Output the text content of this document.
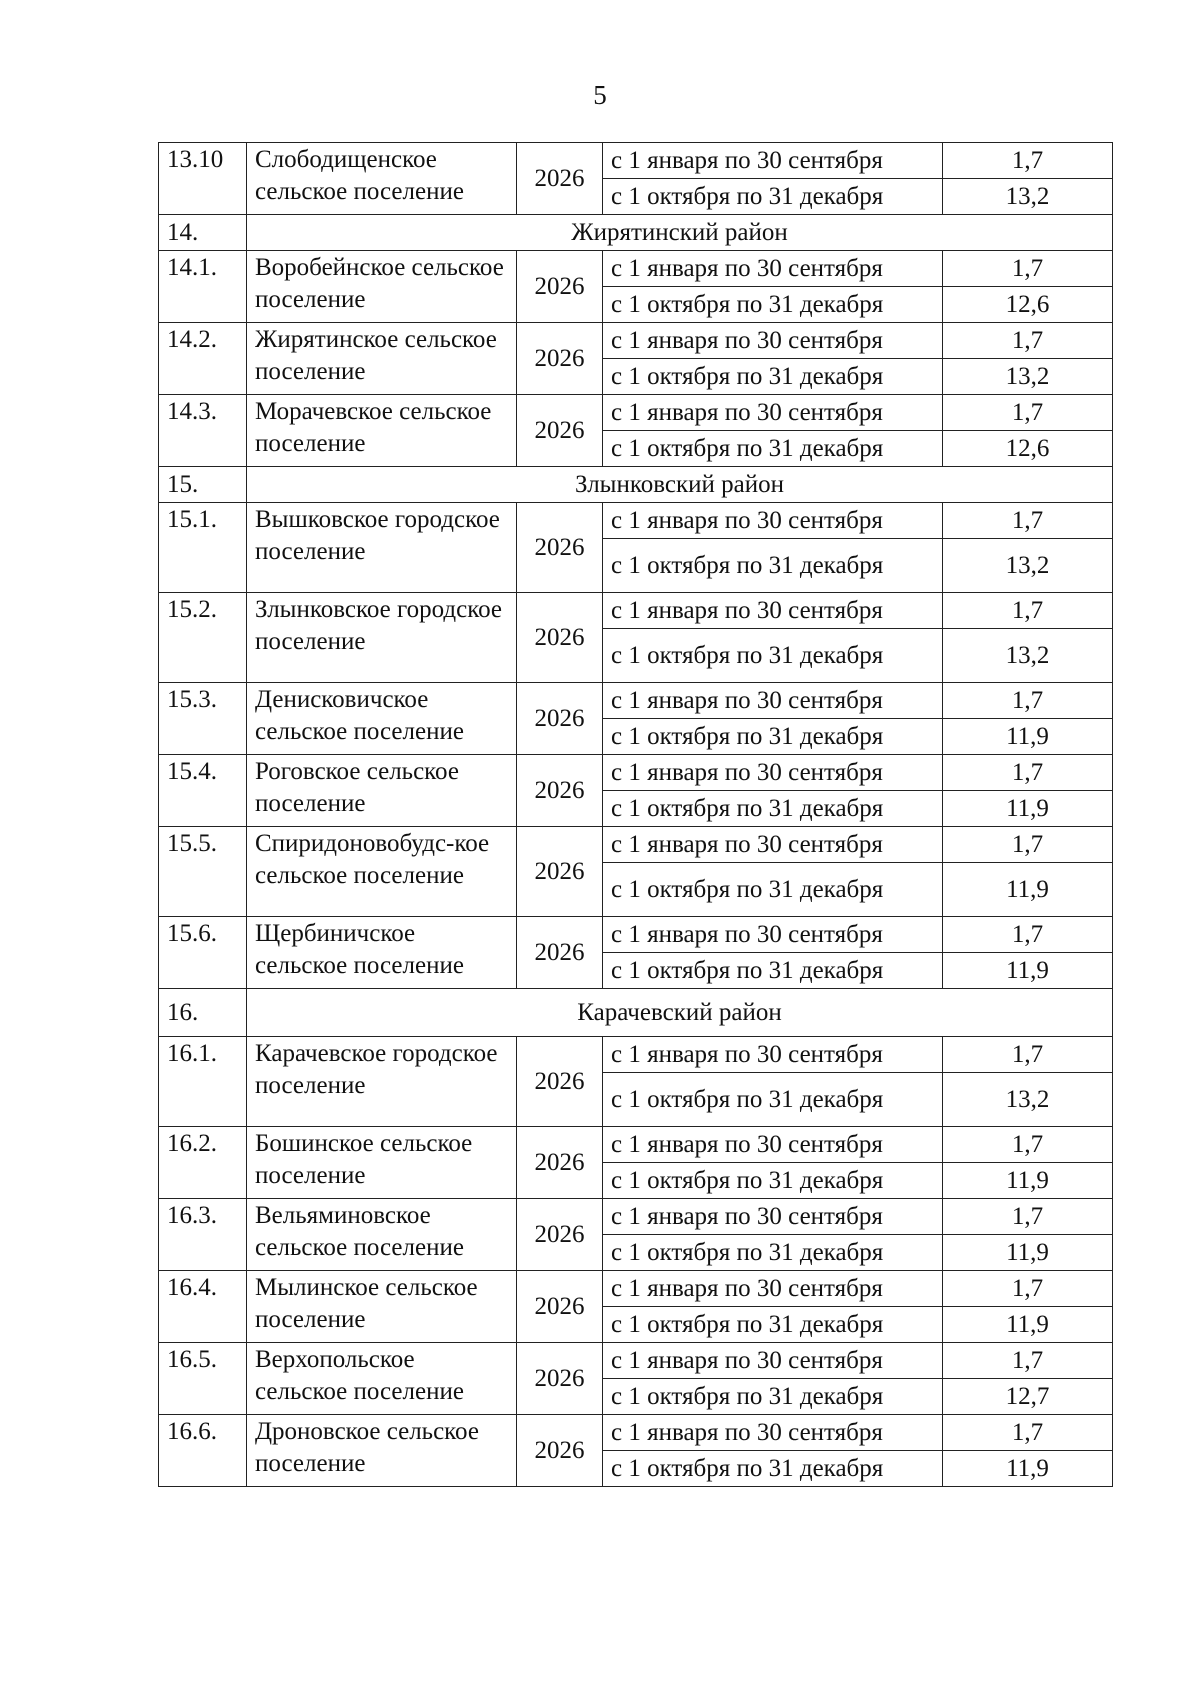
5
13.10	Слободищенское сельское поселение	2026	с 1 января по 30 сентября	1,7
			с 1 октября по 31 декабря	13,2
14.	Жирятинский район			
14.1.	Воробейнское сельское поселение	2026	с 1 января по 30 сентября	1,7
			с 1 октября по 31 декабря	12,6
14.2.	Жирятинское сельское поселение	2026	с 1 января по 30 сентября	1,7
			с 1 октября по 31 декабря	13,2
14.3.	Морачевское сельское поселение	2026	с 1 января по 30 сентября	1,7
			с 1 октября по 31 декабря	12,6
15.	Злынковский район			
15.1.	Вышковское городское поселение	2026	с 1 января по 30 сентября	1,7
			с 1 октября по 31 декабря	13,2
15.2.	Злынковское городское поселение	2026	с 1 января по 30 сентября	1,7
			с 1 октября по 31 декабря	13,2
15.3.	Денисковичское сельское поселение	2026	с 1 января по 30 сентября	1,7
			с 1 октября по 31 декабря	11,9
15.4.	Роговское сельское поселение	2026	с 1 января по 30 сентября	1,7
			с 1 октября по 31 декабря	11,9
15.5.	Спиридоновобудс-кое сельское поселение	2026	с 1 января по 30 сентября	1,7
			с 1 октября по 31 декабря	11,9
15.6.	Щербиничское сельское поселение	2026	с 1 января по 30 сентября	1,7
			с 1 октября по 31 декабря	11,9
16.	Карачевский район			
16.1.	Карачевское городское поселение	2026	с 1 января по 30 сентября	1,7
			с 1 октября по 31 декабря	13,2
16.2.	Бошинское сельское поселение	2026	с 1 января по 30 сентября	1,7
			с 1 октября по 31 декабря	11,9
16.3.	Вельяминовское сельское поселение	2026	с 1 января по 30 сентября	1,7
			с 1 октября по 31 декабря	11,9
16.4.	Мылинское сельское поселение	2026	с 1 января по 30 сентября	1,7
			с 1 октября по 31 декабря	11,9
16.5.	Верхопольское сельское поселение	2026	с 1 января по 30 сентября	1,7
			с 1 октября по 31 декабря	12,7
16.6.	Дроновское сельское поселение	2026	с 1 января по 30 сентября	1,7
			с 1 октября по 31 декабря	11,9
